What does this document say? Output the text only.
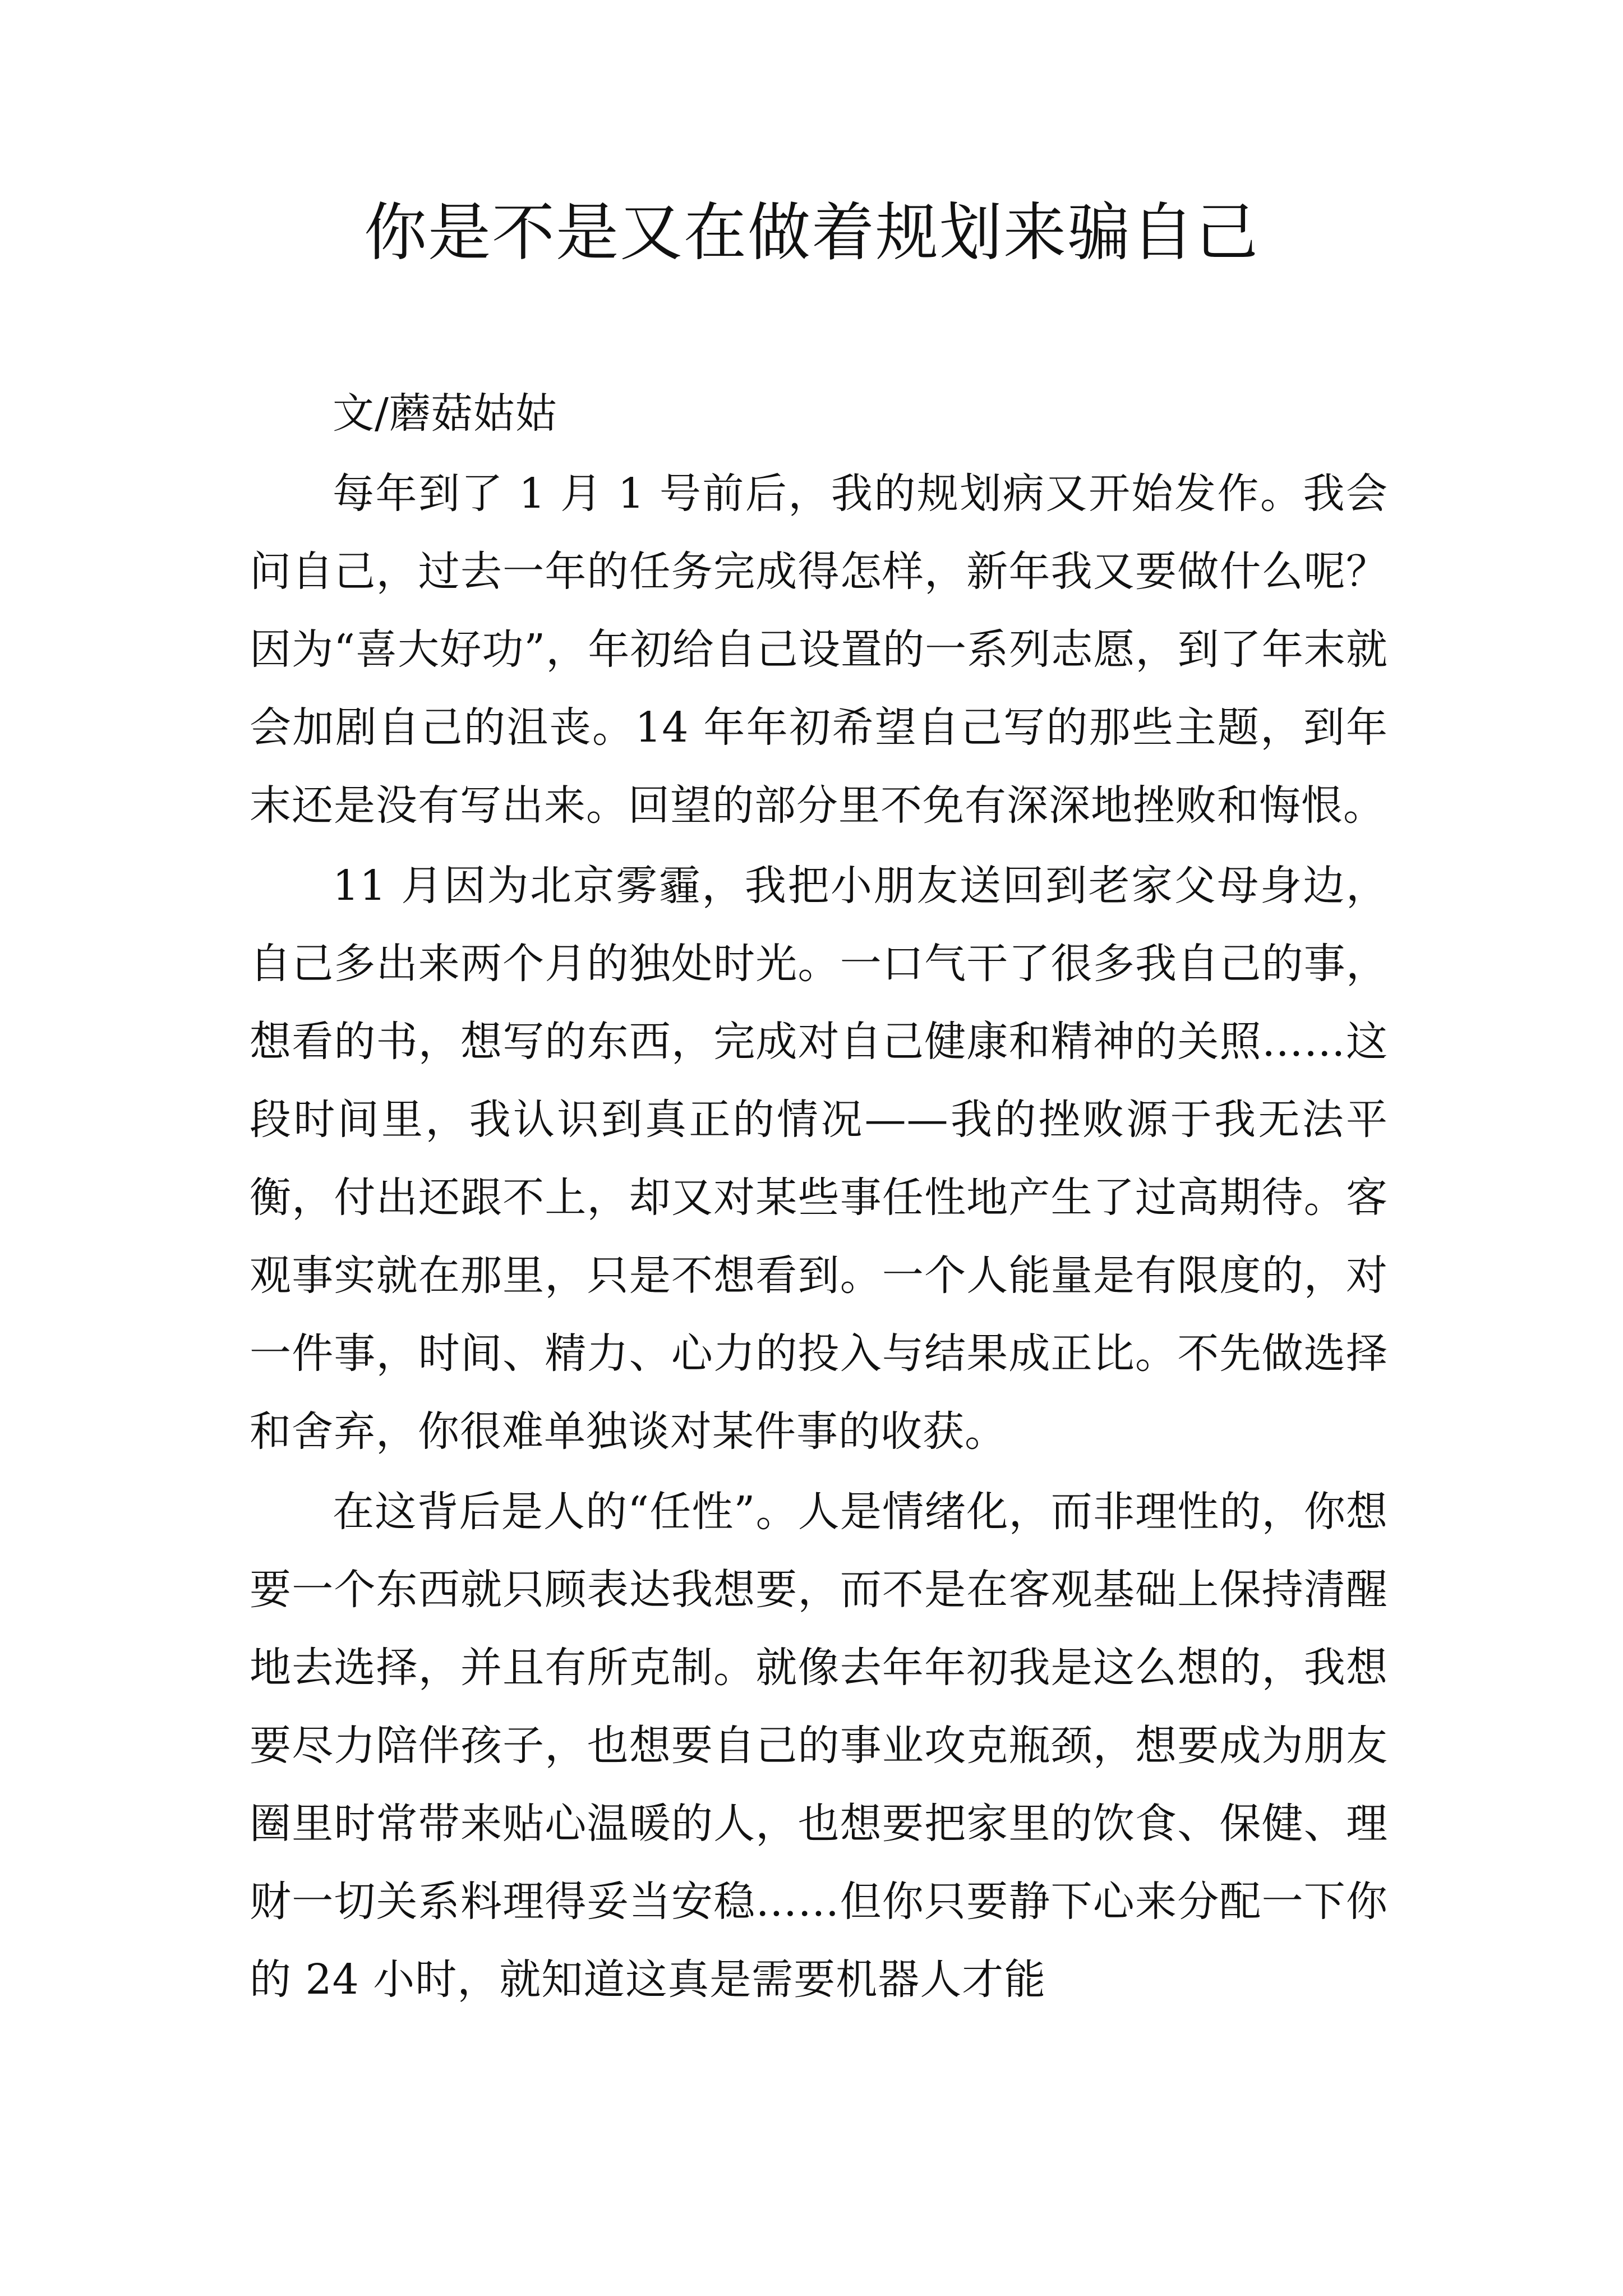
你是不是又在做着规划来骗自己

文/蘑菇姑姑

每年到了 1 月 1 号前后，我的规划病又开始发作。我会问自己，过去一年的任务完成得怎样，新年我又要做什么呢？因为“喜大好功”，年初给自己设置的一系列志愿，到了年末就会加剧自己的沮丧。14 年年初希望自己写的那些主题，到年末还是没有写出来。回望的部分里不免有深深地挫败和悔恨。

11 月因为北京雾霾，我把小朋友送回到老家父母身边，自己多出来两个月的独处时光。一口气干了很多我自己的事，想看的书，想写的东西，完成对自己健康和精神的关照……这段时间里，我认识到真正的情况——我的挫败源于我无法平衡，付出还跟不上，却又对某些事任性地产生了过高期待。客观事实就在那里，只是不想看到。一个人能量是有限度的，对一件事，时间、精力、心力的投入与结果成正比。不先做选择和舍弃，你很难单独谈对某件事的收获。

在这背后是人的“任性”。人是情绪化，而非理性的，你想要一个东西就只顾表达我想要，而不是在客观基础上保持清醒地去选择，并且有所克制。就像去年年初我是这么想的，我想要尽力陪伴孩子，也想要自己的事业攻克瓶颈，想要成为朋友圈里时常带来贴心温暖的人，也想要把家里的饮食、保健、理财一切关系料理得妥当安稳……但你只要静下心来分配一下你的 24 小时，就知道这真是需要机器人才能
